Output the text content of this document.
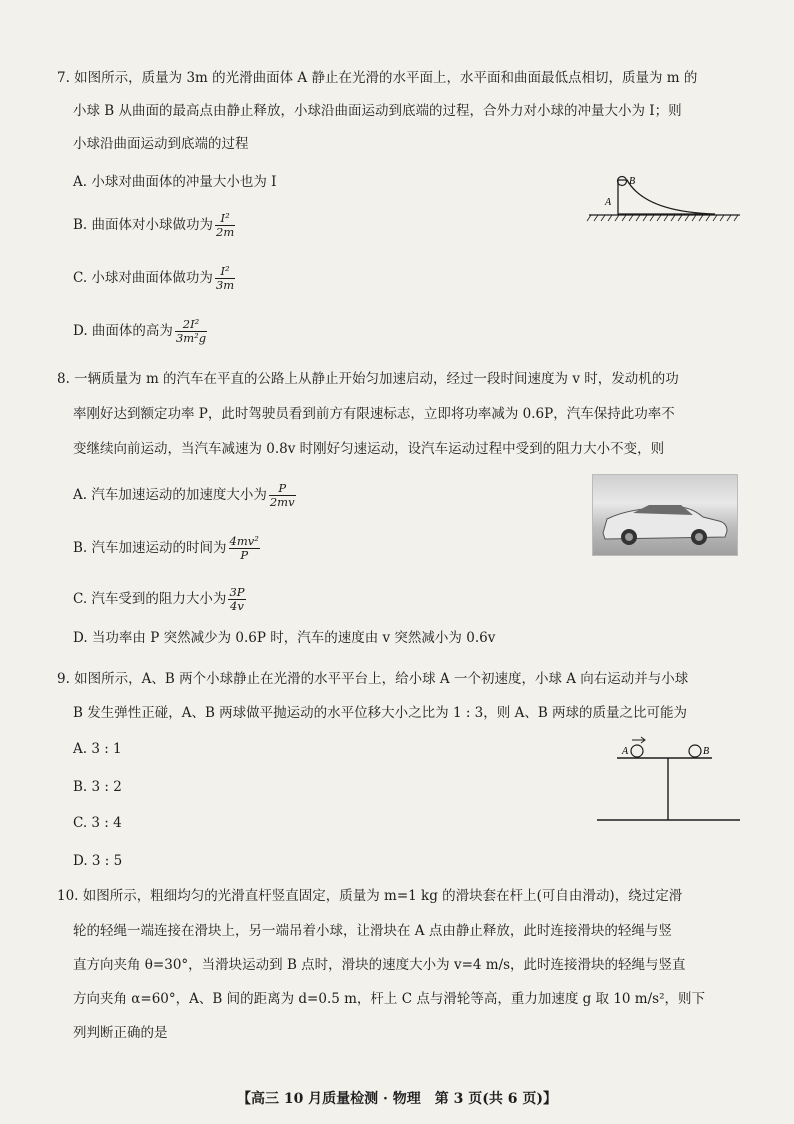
7. 如图所示，质量为 3m 的光滑曲面体 A 静止在光滑的水平面上，水平面和曲面最低点相切，质量为 m 的
小球 B 从曲面的最高点由静止释放，小球沿曲面运动到底端的过程，合外力对小球的冲量大小为 I；则
小球沿曲面运动到底端的过程
A. 小球对曲面体的冲量大小也为 I
B. 曲面体对小球做功为 $\frac{\text{I²}}{2m}$
C. 小球对曲面体做功为 $\frac{\text{I²}}{3m}$
D. 曲面体的高为 $\frac{\text{2I²}}{\text{3m²g}}$
A
B
8. 一辆质量为 m 的汽车在平直的公路上从静止开始匀加速启动，经过一段时间速度为 v 时，发动机的功
率刚好达到额定功率 P，此时驾驶员看到前方有限速标志，立即将功率减为 0.6P，汽车保持此功率不
变继续向前运动，当汽车减速为 0.8v 时刚好匀速运动，设汽车运动过程中受到的阻力大小不变，则
A. 汽车加速运动的加速度大小为 $\frac{P}{2mv}$
B. 汽车加速运动的时间为 $\frac{\text{4mv²}}{P}$
C. 汽车受到的阻力大小为 $\frac{3P}{4v}$
D. 当功率由 P 突然减少为 0.6P 时，汽车的速度由 v 突然减小为 0.6v
9. 如图所示，A、B 两个小球静止在光滑的水平平台上，给小球 A 一个初速度，小球 A 向右运动并与小球
B 发生弹性正碰，A、B 两球做平抛运动的水平位移大小之比为 1 : 3，则 A、B 两球的质量之比可能为
A. 3 : 1
B. 3 : 2
C. 3 : 4
D. 3 : 5
A	B
10. 如图所示，粗细均匀的光滑直杆竖直固定，质量为 m=1 kg 的滑块套在杆上(可自由滑动)，绕过定滑
轮的轻绳一端连接在滑块上，另一端吊着小球，让滑块在 A 点由静止释放，此时连接滑块的轻绳与竖
直方向夹角 θ=30°，当滑块运动到 B 点时，滑块的速度大小为 v=4 m/s，此时连接滑块的轻绳与竖直
方向夹角 α=60°，A、B 间的距离为 d=0.5 m，杆上 C 点与滑轮等高，重力加速度 g 取 10 m/s²，则下
列判断正确的是
【高三 10 月质量检测 · 物理　第 3 页(共 6 页)】
